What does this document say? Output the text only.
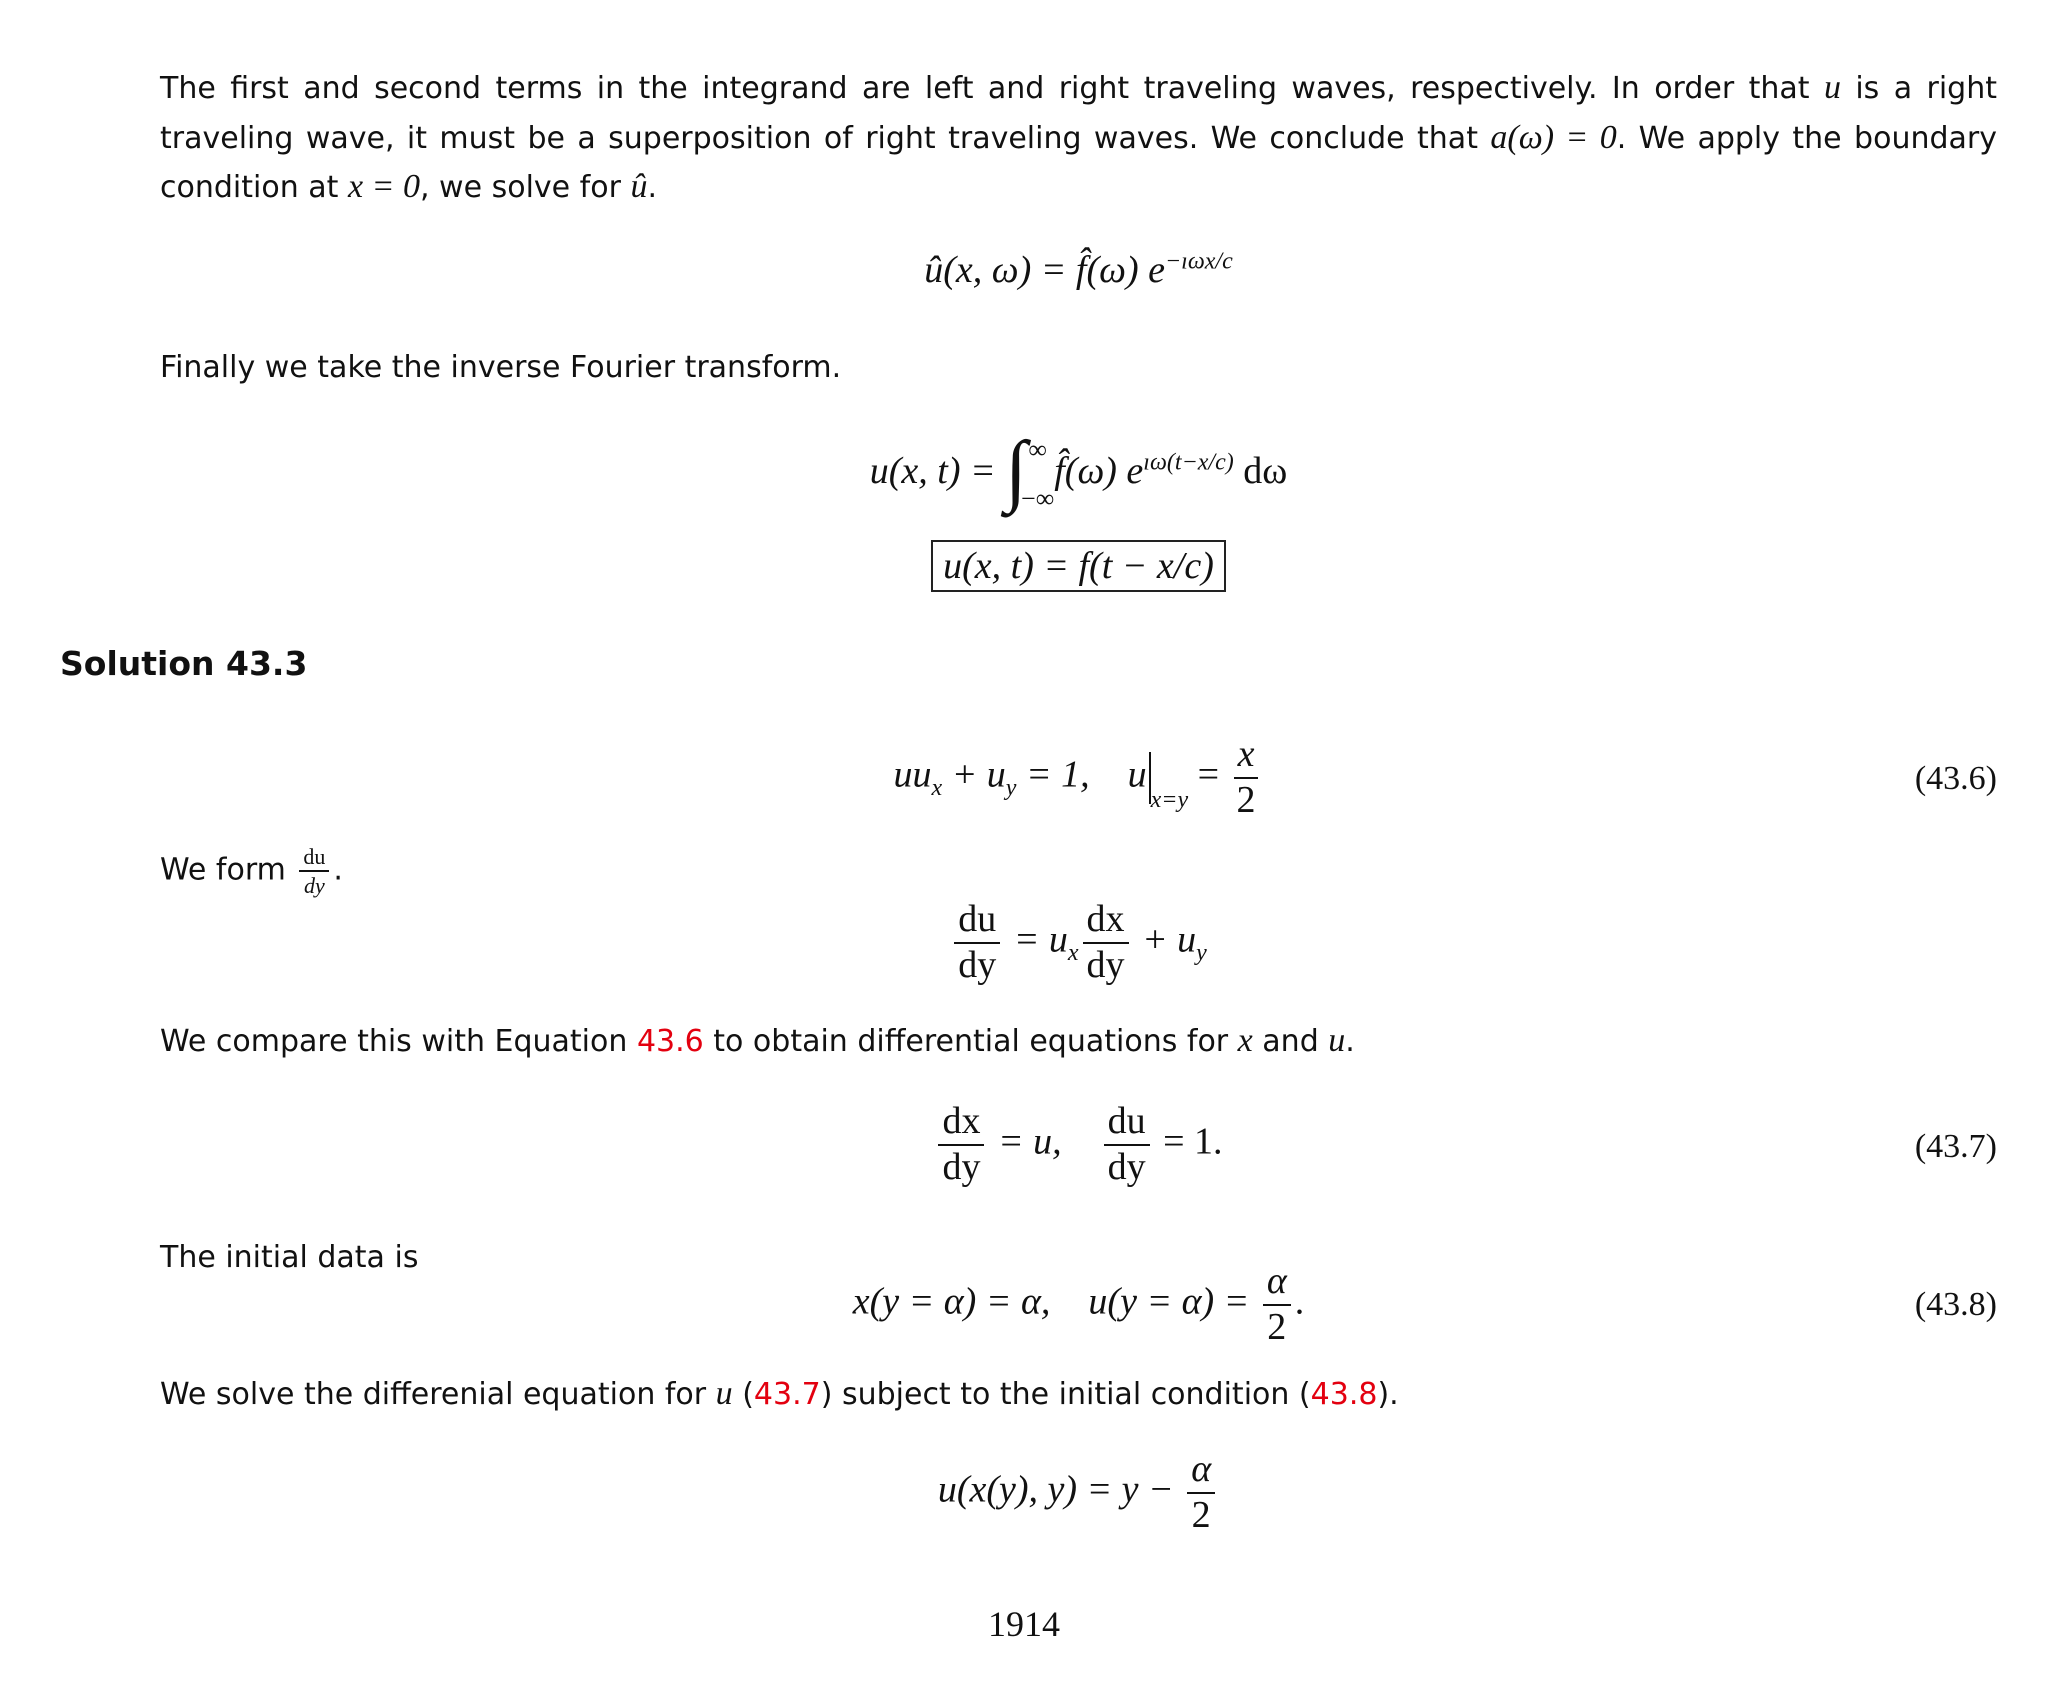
The first and second terms in the integrand are left and right traveling waves, respectively. In order that u is a right traveling wave, it must be a superposition of right traveling waves. We conclude that a(ω) = 0. We apply the boundary condition at x = 0, we solve for û.
û(x, ω) = f̂(ω) $e^{-ı\omega x/c}$
Finally we take the inverse Fourier transform.
u(x, t) = ∫ ∞
−∞
f̂(ω) $e^{ı\omega(t-x/c)}$ dω
u(x, t) = f(t − x/c)
Solution 43.3
$uu_x + u_y = 1$,    $u_{x=y} = \frac{x}{2}$	(43.6)
We form $\frac{du}{dy}$ .
$\frac{du}{dy} = u_x \frac{dx}{dy} + u_y$
We compare this with Equation 43.6 to obtain differential equations for x and u.
$\frac{dx}{dy} = u$, $\frac{du}{dy} = 1$.	(43.7)
The initial data is
x(y = α) = α,    $u(y = \alpha) = \frac{\alpha}{2}$ .	(43.8)
We solve the differenial equation for u (43.7) subject to the initial condition (43.8).
u(x(y), $y) = y - \frac{\alpha}{2}$
1914
